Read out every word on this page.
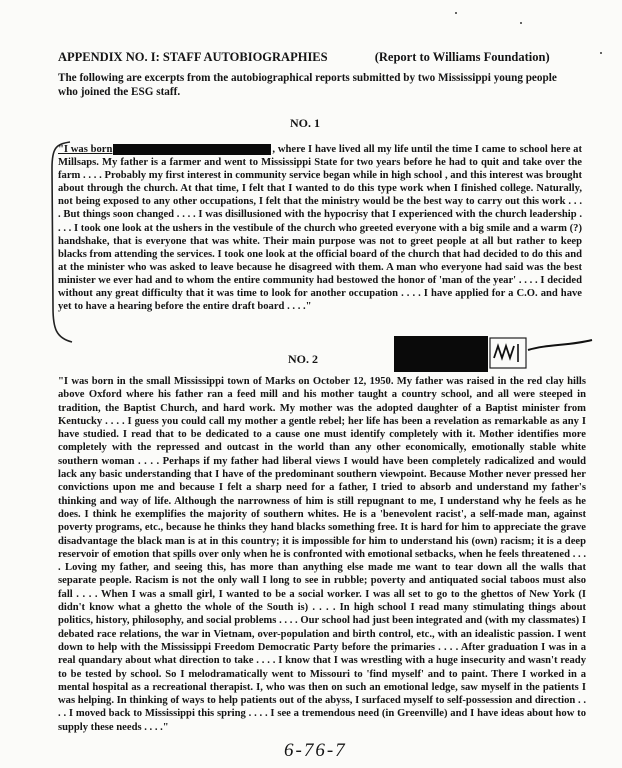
APPENDIX NO. I: STAFF AUTOBIOGRAPHIES	(Report to Williams Foundation)
The following are excerpts from the autobiographical reports submitted by two Mississippi young people who joined the ESG staff.
NO. 1
"I was born	, where I have lived all my life until the time I came to school here at Millsaps. My father is a farmer and went to Mississippi State for two years before he had to quit and take over the farm . . . . Probably my first interest in community service began while in high school , and this interest was brought about through the church. At that time, I felt that I wanted to do this type work when I finished college. Naturally, not being exposed to any other occupations, I felt that the ministry would be the best way to carry out this work . . . . But things soon changed . . . . I was disillusioned with the hypocrisy that I experienced with the church leadership . . . . I took one look at the ushers in the vestibule of the church who greeted everyone with a big smile and a warm (?) handshake, that is everyone that was white. Their main purpose was not to greet people at all but rather to keep blacks from attending the services. I took one look at the official board of the church that had decided to do this and at the minister who was asked to leave because he disagreed with them. A man who everyone had said was the best minister we ever had and to whom the entire community had bestowed the honor of 'man of the year' . . . . I decided without any great difficulty that it was time to look for another occupation . . . . I have applied for a C.O. and have yet to have a hearing before the entire draft board . . . ."
NO. 2
"I was born in the small Mississippi town of Marks on October 12, 1950. My father was raised in the red clay hills above Oxford where his father ran a feed mill and his mother taught a country school, and all were steeped in tradition, the Baptist Church, and hard work. My mother was the adopted daughter of a Baptist minister from Kentucky . . . . I guess you could call my mother a gentle rebel; her life has been a revelation as remarkable as any I have studied. I read that to be dedicated to a cause one must identify completely with it. Mother identifies more completely with the repressed and outcast in the world than any other economically, emotionally stable white southern woman . . . . Perhaps if my father had liberal views I would have been completely radicalized and would lack any basic understanding that I have of the predominant southern viewpoint. Because Mother never pressed her convictions upon me and because I felt a sharp need for a father, I tried to absorb and understand my father's thinking and way of life. Although the narrowness of him is still repugnant to me, I understand why he feels as he does. I think he exemplifies the majority of southern whites. He is a 'benevolent racist', a self-made man, against poverty programs, etc., because he thinks they hand blacks something free. It is hard for him to appreciate the grave disadvantage the black man is at in this country; it is impossible for him to understand his (own) racism; it is a deep reservoir of emotion that spills over only when he is confronted with emotional setbacks, when he feels threatened . . . . Loving my father, and seeing this, has more than anything else made me want to tear down all the walls that separate people. Racism is not the only wall I long to see in rubble; poverty and antiquated social taboos must also fall . . . . When I was a small girl, I wanted to be a social worker. I was all set to go to the ghettos of New York (I didn't know what a ghetto the whole of the South is) . . . . In high school I read many stimulating things about politics, history, philosophy, and social problems . . . . Our school had just been integrated and (with my classmates) I debated race relations, the war in Vietnam, over-population and birth control, etc., with an idealistic passion. I went down to help with the Mississippi Freedom Democratic Party before the primaries . . . . After graduation I was in a real quandary about what direction to take . . . . I know that I was wrestling with a huge insecurity and wasn't ready to be tested by school. So I melodramatically went to Missouri to 'find myself' and to paint. There I worked in a mental hospital as a recreational therapist. I, who was then on such an emotional ledge, saw myself in the patients I was helping. In thinking of ways to help patients out of the abyss, I surfaced myself to self-possession and direction . . . . I moved back to Mississippi this spring . . . . I see a tremendous need (in Greenville) and I have ideas about how to supply these needs . . . ."
6-76-7
